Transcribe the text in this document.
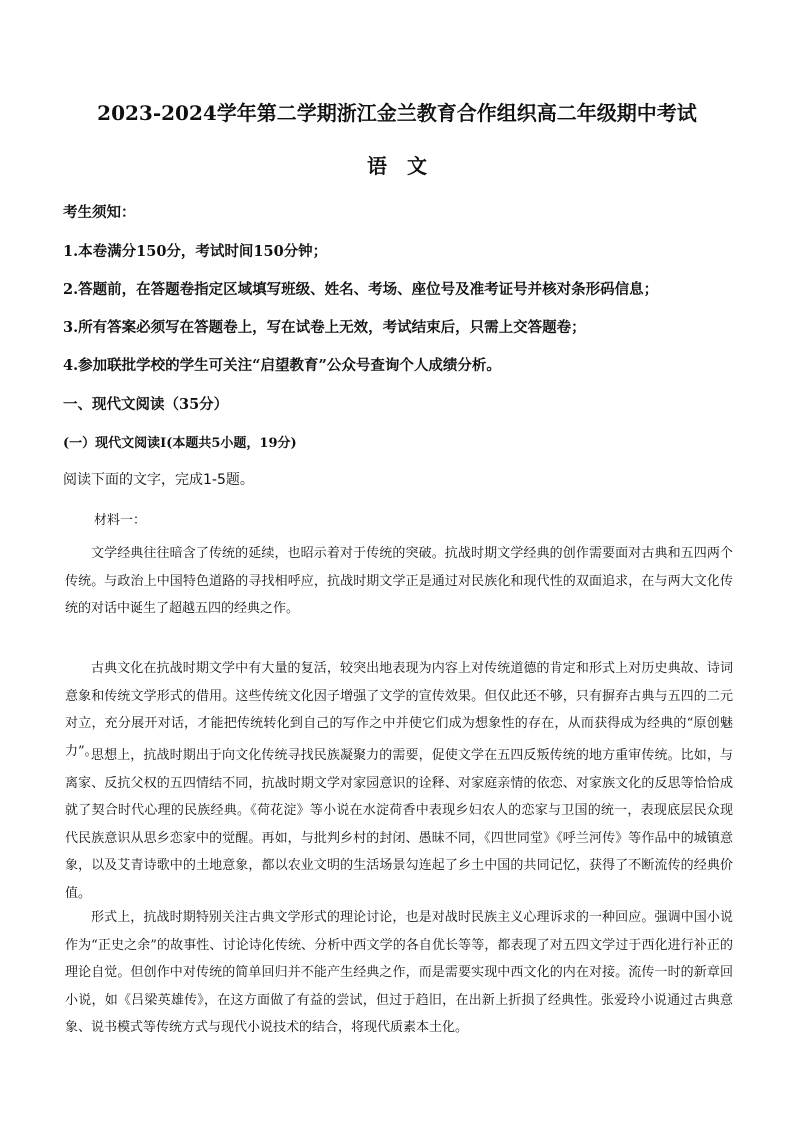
2023-2024学年第二学期浙江金兰教育合作组织高二年级期中考试
语文
考生须知：
1.本卷满分150分，考试时间150分钟；
2.答题前，在答题卷指定区域填写班级、姓名、考场、座位号及准考证号并核对条形码信息；
3.所有答案必须写在答题卷上，写在试卷上无效，考试结束后，只需上交答题卷；
4.参加联批学校的学生可关注“启望教育”公众号查询个人成绩分析。
一、现代文阅读（35分）
(一）现代文阅读Ⅰ(本题共5小题，19分)
阅读下面的文字，完成1-5题。
材料一：
文学经典往往暗含了传统的延续，也昭示着对于传统的突破。抗战时期文学经典的创作需要面对古典和五四两个传统。与政治上中国特色道路的寻找相呼应，抗战时期文学正是通过对民族化和现代性的双面追求，在与两大文化传统的对话中诞生了超越五四的经典之作。
古典文化在抗战时期文学中有大量的复活，较突出地表现为内容上对传统道德的肯定和形式上对历史典故、诗词意象和传统文学形式的借用。这些传统文化因子增强了文学的宣传效果。但仅此还不够，只有摒弃古典与五四的二元对立，充分展开对话，才能把传统转化到自己的写作之中并使它们成为想象性的存在，从而获得成为经典的“原创魅力”。
思想上，抗战时期出于向文化传统寻找民族凝聚力的需要，促使文学在五四反叛传统的地方重审传统。比如，与离家、反抗父权的五四情结不同，抗战时期文学对家园意识的诠释、对家庭亲情的依恋、对家族文化的反思等恰恰成就了契合时代心理的民族经典。《荷花淀》等小说在水淀荷香中表现乡妇农人的恋家与卫国的统一，表现底层民众现代民族意识从思乡恋家中的觉醒。再如，与批判乡村的封闭、愚昧不同，《四世同堂》《呼兰河传》等作品中的城镇意象，以及艾青诗歌中的土地意象，都以农业文明的生活场景勾连起了乡土中国的共同记忆，获得了不断流传的经典价值。
形式上，抗战时期特别关注古典文学形式的理论讨论，也是对战时民族主义心理诉求的一种回应。强调中国小说作为“正史之余”的故事性、讨论诗化传统、分析中西文学的各自优长等等，都表现了对五四文学过于西化进行补正的理论自觉。但创作中对传统的简单回归并不能产生经典之作，而是需要实现中西文化的内在对接。流传一时的新章回小说，如《吕梁英雄传》，在这方面做了有益的尝试，但过于趋旧，在出新上折损了经典性。张爱玲小说通过古典意象、说书模式等传统方式与现代小说技术的结合，将现代质素本土化。
